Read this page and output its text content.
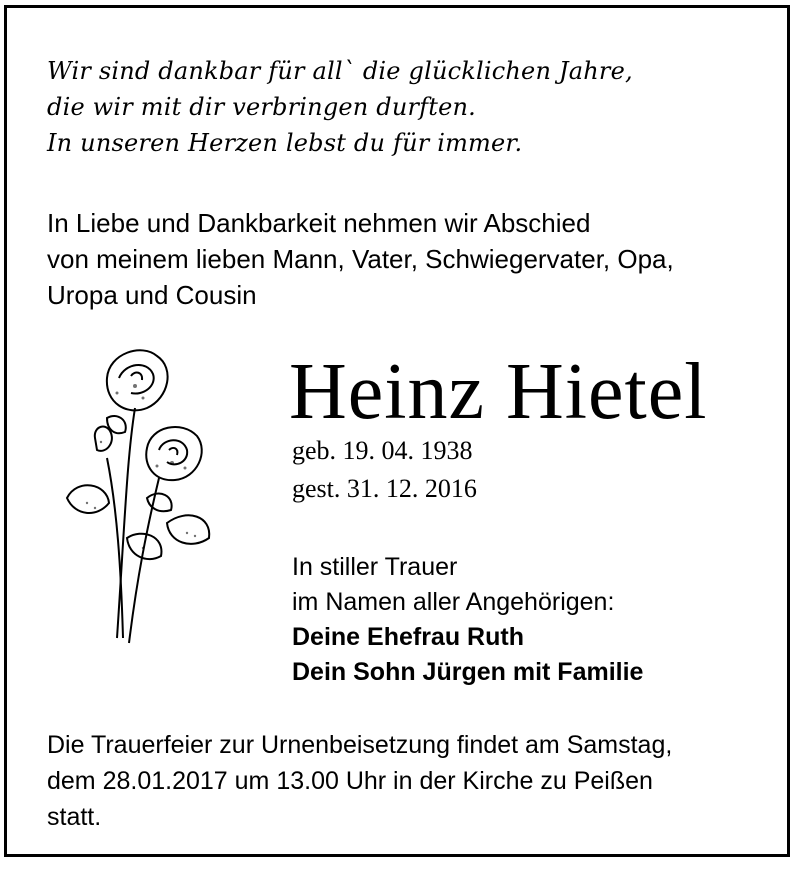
Wir sind dankbar für all` die glücklichen Jahre,
die wir mit dir verbringen durften.
In unseren Herzen lebst du für immer.
In Liebe und Dankbarkeit nehmen wir Abschied
von meinem lieben Mann, Vater, Schwiegervater, Opa,
Uropa und Cousin
Heinz Hietel
geb. 19. 04. 1938
gest. 31. 12. 2016
In stiller Trauer
im Namen aller Angehörigen:
Deine Ehefrau Ruth
Dein Sohn Jürgen mit Familie
Die Trauerfeier zur Urnenbeisetzung findet am Samstag,
dem 28.01.2017 um 13.00 Uhr in der Kirche zu Peißen
statt.
